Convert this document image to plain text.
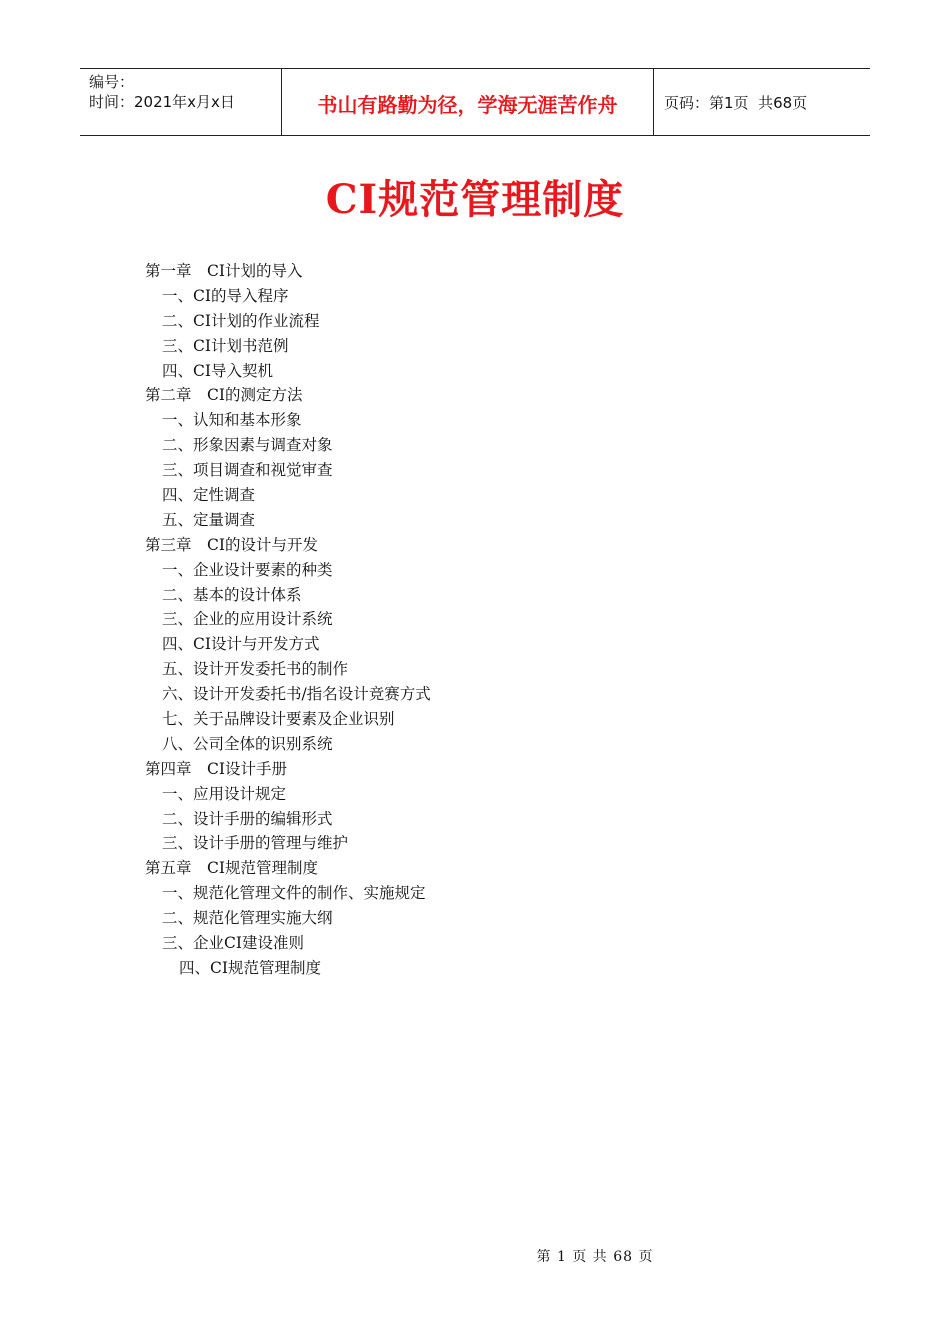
编号：
时间：2021年x月x日	书山有路勤为径，学海无涯苦作舟	页码：第1页  共68页
CI规范管理制度
第一章　CI计划的导入
一、CI的导入程序
二、CI计划的作业流程
三、CI计划书范例
四、CI导入契机
第二章　CI的测定方法
一、认知和基本形象
二、形象因素与调查对象
三、项目调查和视觉审查
四、定性调查
五、定量调查
第三章　CI的设计与开发
一、企业设计要素的种类
二、基本的设计体系
三、企业的应用设计系统
四、CI设计与开发方式
五、设计开发委托书的制作
六、设计开发委托书/指名设计竞赛方式
七、关于品牌设计要素及企业识别
八、公司全体的识别系统
第四章　CI设计手册
一、应用设计规定
二、设计手册的编辑形式
三、设计手册的管理与维护
第五章　CI规范管理制度
一、规范化管理文件的制作、实施规定
二、规范化管理实施大纲
三、企业CI建设准则
四、CI规范管理制度
第 1 页 共 68 页
